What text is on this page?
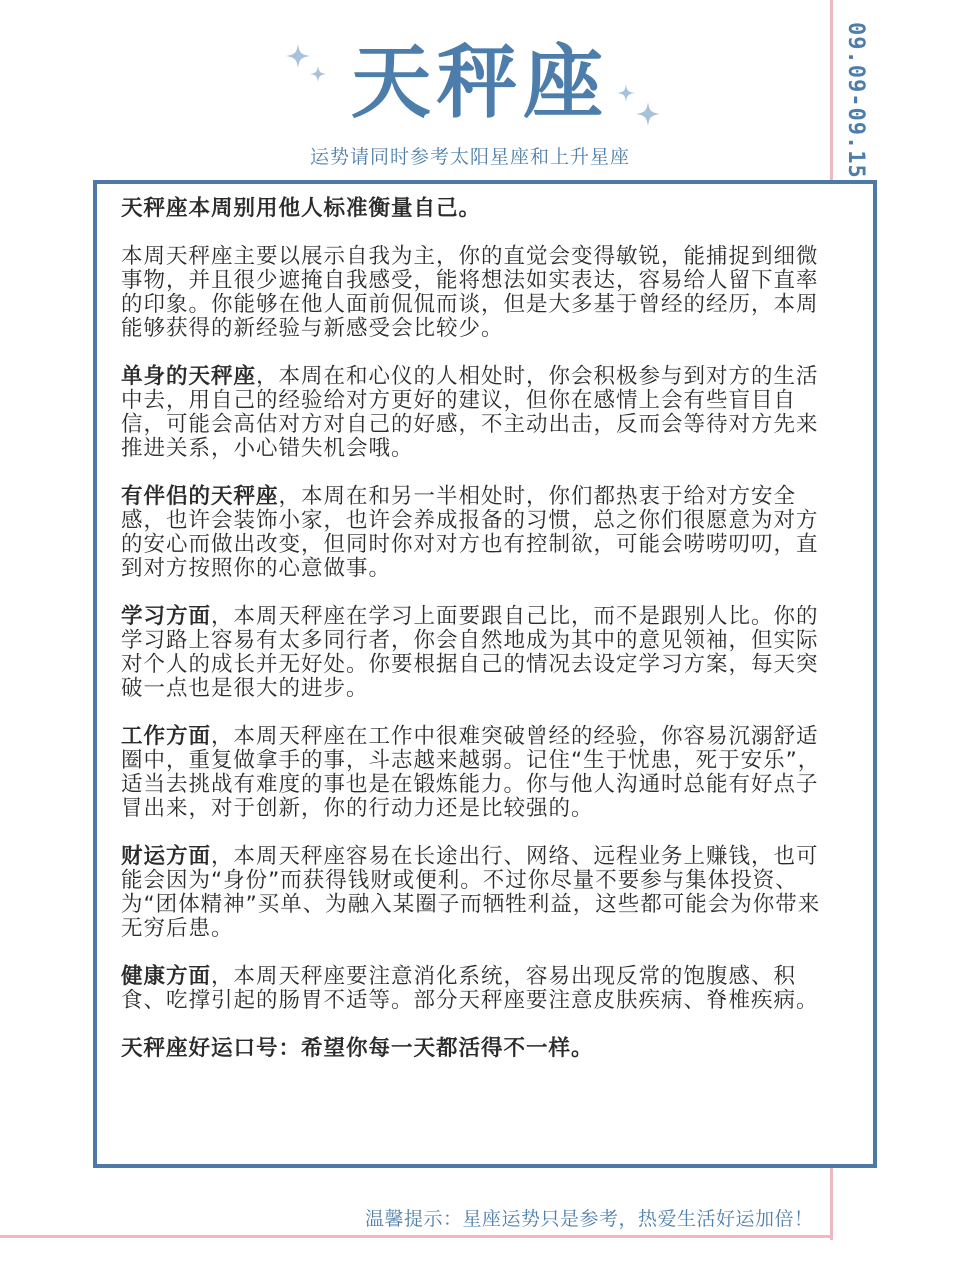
天秤座
运势请同时参考太阳星座和上升星座	09.09-09.15

天秤座本周别用他人标准衡量自己。

本周天秤座主要以展示自我为主，你的直觉会变得敏锐，能捕捉到细微事物，并且很少遮掩自我感受，能将想法如实表达，容易给人留下直率的印象。你能够在他人面前侃侃而谈，但是大多基于曾经的经历，本周能够获得的新经验与新感受会比较少。

单身的天秤座，本周在和心仪的人相处时，你会积极参与到对方的生活中去，用自己的经验给对方更好的建议，但你在感情上会有些盲目自信，可能会高估对方对自己的好感，不主动出击，反而会等待对方先来推进关系，小心错失机会哦。

有伴侣的天秤座，本周在和另一半相处时，你们都热衷于给对方安全感，也许会装饰小家，也许会养成报备的习惯，总之你们很愿意为对方的安心而做出改变，但同时你对对方也有控制欲，可能会唠唠叨叨，直到对方按照你的心意做事。

学习方面，本周天秤座在学习上面要跟自己比，而不是跟别人比。你的学习路上容易有太多同行者，你会自然地成为其中的意见领袖，但实际对个人的成长并无好处。你要根据自己的情况去设定学习方案，每天突破一点也是很大的进步。

工作方面，本周天秤座在工作中很难突破曾经的经验，你容易沉溺舒适圈中，重复做拿手的事，斗志越来越弱。记住“生于忧患，死于安乐”，适当去挑战有难度的事也是在锻炼能力。你与他人沟通时总能有好点子冒出来，对于创新，你的行动力还是比较强的。

财运方面，本周天秤座容易在长途出行、网络、远程业务上赚钱，也可能会因为“身份”而获得钱财或便利。不过你尽量不要参与集体投资、为“团体精神”买单、为融入某圈子而牺牲利益，这些都可能会为你带来无穷后患。

健康方面，本周天秤座要注意消化系统，容易出现反常的饱腹感、积食、吃撑引起的肠胃不适等。部分天秤座要注意皮肤疾病、脊椎疾病。

天秤座好运口号：希望你每一天都活得不一样。

温馨提示：星座运势只是参考，热爱生活好运加倍！
